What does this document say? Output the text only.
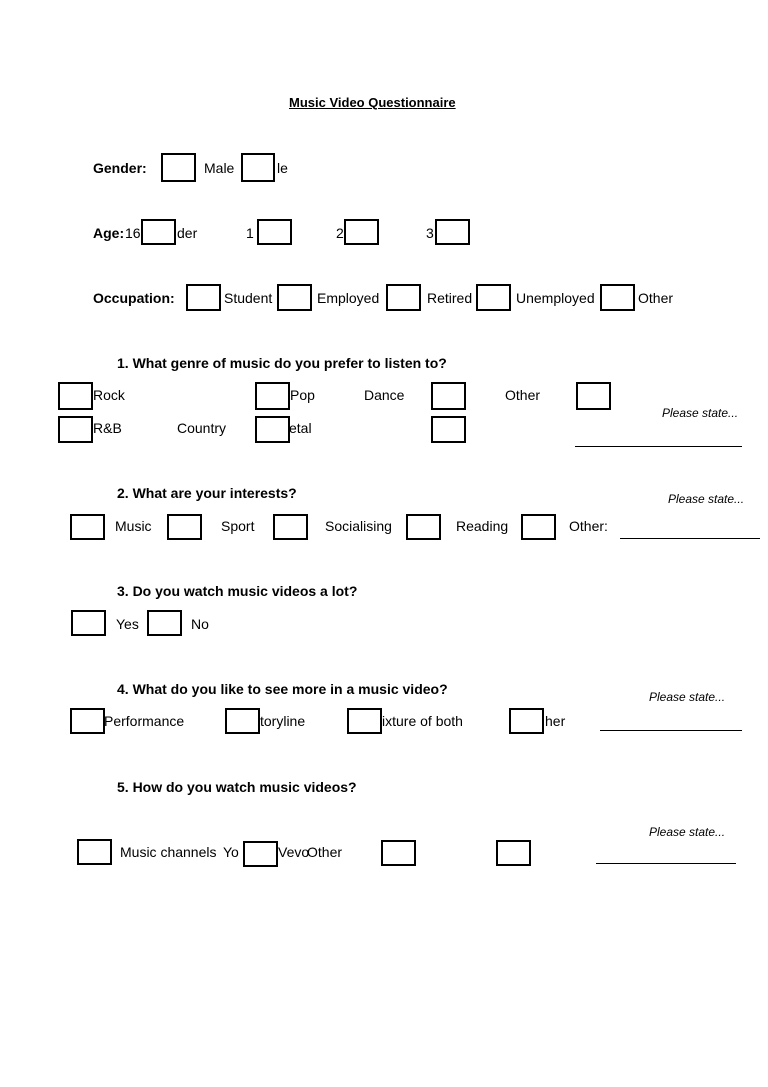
Music Video Questionnaire
Gender:	Male	le
Age: 16	der	1	2	3
Occupation:	Student	Employed	Retired	Unemployed	Other
1. What genre of music do you prefer to listen to?
Rock	Pop	Dance	Other
Please state...
R&B	Country	etal
2. What are your interests?	Please state...
Music	Sport	Socialising	Reading	Other:
3. Do you watch music videos a lot?
Yes	No
4. What do you like to see more in a music video?	Please state...
Performance	toryline	ixture of both	her
5. How do you watch music videos?
Please state...
Music channels Yo	Vevo
Other
